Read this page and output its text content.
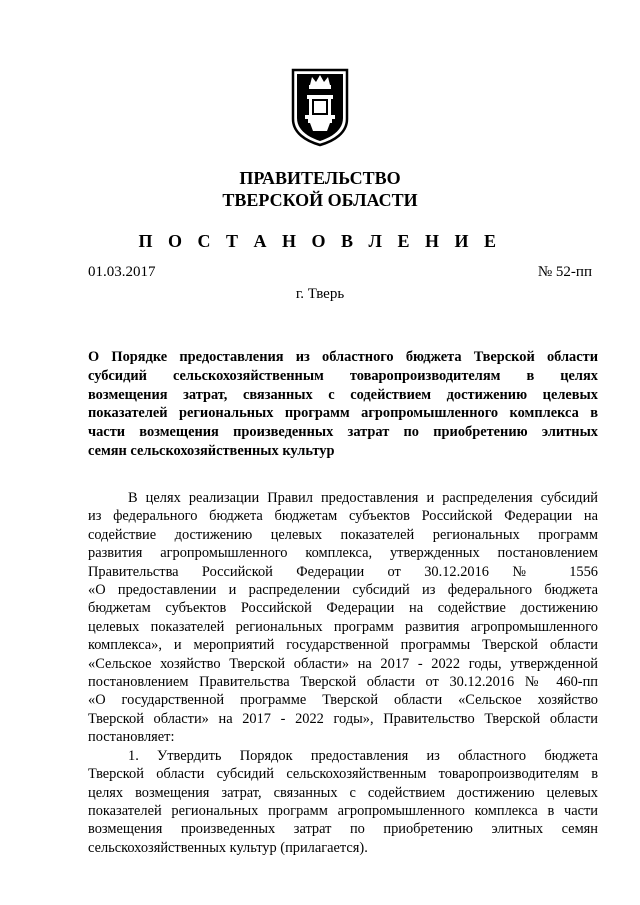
ПРАВИТЕЛЬСТВО
ТВЕРСКОЙ ОБЛАСТИ
П О С Т А Н О В Л Е Н И Е
01.03.2017	№ 52-пп
г. Тверь
О Порядке предоставления из областного бюджета Тверской области
субсидий сельскохозяйственным товаропроизводителям в целях
возмещения затрат, связанных с содействием достижению целевых
показателей региональных программ агропромышленного комплекса в
части возмещения произведенных затрат по приобретению элитных
семян сельскохозяйственных культур
В целях реализации Правил предоставления и распределения субсидий
из федерального бюджета бюджетам субъектов Российской Федерации на
содействие достижению целевых показателей региональных программ
развития агропромышленного комплекса, утвержденных постановлением
Правительства Российской Федерации от 30.12.2016 № 1556
«О предоставлении и распределении субсидий из федерального бюджета
бюджетам субъектов Российской Федерации на содействие достижению
целевых показателей региональных программ развития агропромышленного
комплекса», и мероприятий государственной программы Тверской области
«Сельское хозяйство Тверской области» на 2017 - 2022 годы, утвержденной
постановлением Правительства Тверской области от 30.12.2016 № 460-пп
«О государственной программе Тверской области «Сельское хозяйство
Тверской области» на 2017 - 2022 годы», Правительство Тверской области
постановляет:
1. Утвердить Порядок предоставления из областного бюджета
Тверской области субсидий сельскохозяйственным товаропроизводителям в
целях возмещения затрат, связанных с содействием достижению целевых
показателей региональных программ агропромышленного комплекса в части
возмещения произведенных затрат по приобретению элитных семян
сельскохозяйственных культур (прилагается).
